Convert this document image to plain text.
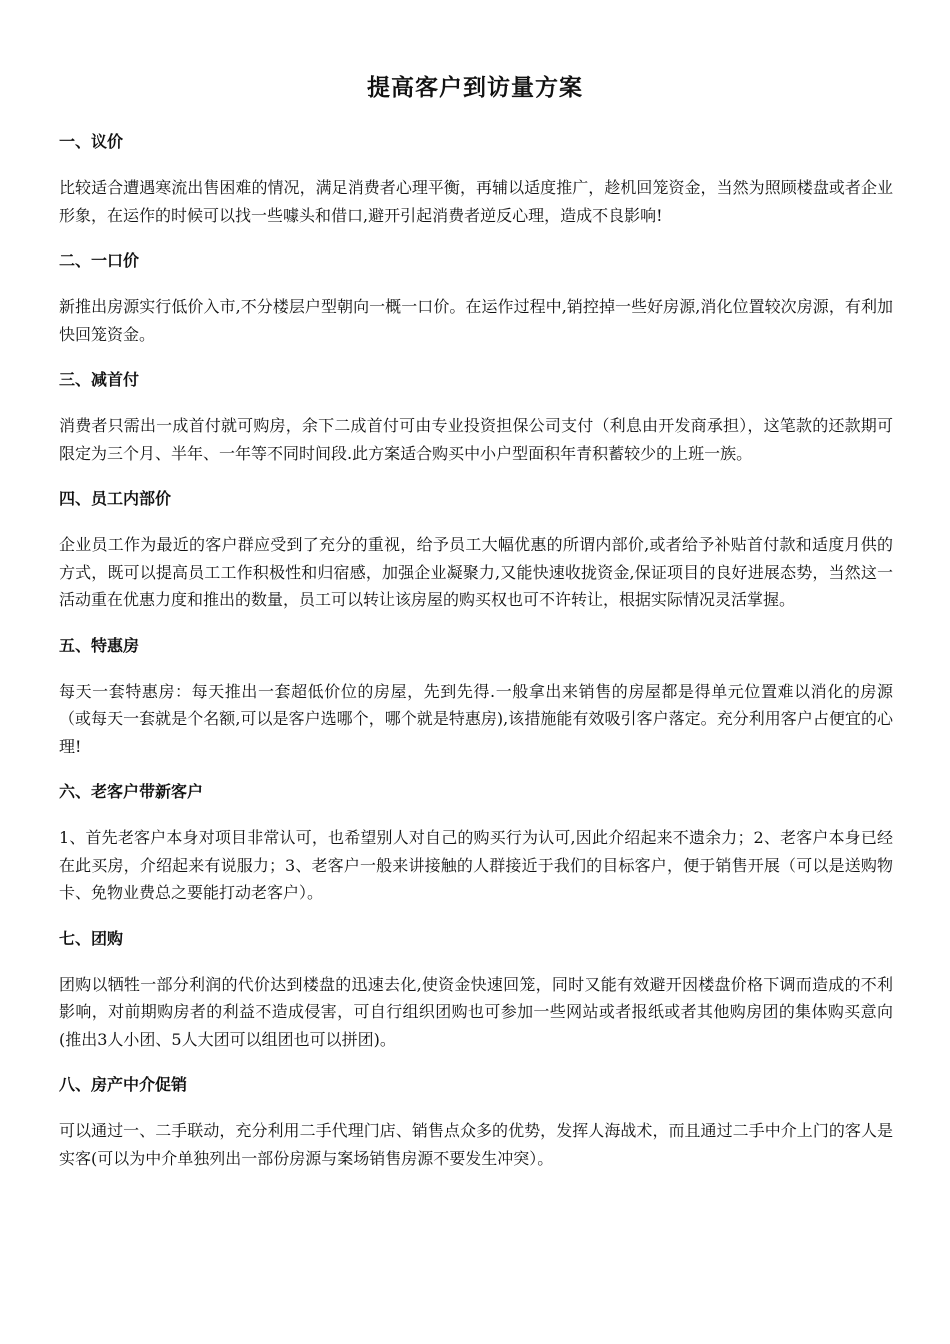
提高客户到访量方案
一、议价
比较适合遭遇寒流出售困难的情况，满足消费者心理平衡，再辅以适度推广，趁机回笼资金，当然为照顾楼盘或者企业形象，在运作的时候可以找一些噱头和借口,避开引起消费者逆反心理，造成不良影响!
二、一口价
新推出房源实行低价入市,不分楼层户型朝向一概一口价。在运作过程中,销控掉一些好房源,消化位置较次房源，有利加快回笼资金。
三、减首付
消费者只需出一成首付就可购房，余下二成首付可由专业投资担保公司支付（利息由开发商承担），这笔款的还款期可限定为三个月、半年、一年等不同时间段.此方案适合购买中小户型面积年青积蓄较少的上班一族。
四、员工内部价
企业员工作为最近的客户群应受到了充分的重视，给予员工大幅优惠的所谓内部价,或者给予补贴首付款和适度月供的方式，既可以提高员工工作积极性和归宿感，加强企业凝聚力,又能快速收拢资金,保证项目的良好进展态势，当然这一活动重在优惠力度和推出的数量，员工可以转让该房屋的购买权也可不许转让，根据实际情况灵活掌握。
五、特惠房
每天一套特惠房：每天推出一套超低价位的房屋，先到先得.一般拿出来销售的房屋都是得单元位置难以消化的房源（或每天一套就是个名额,可以是客户选哪个，哪个就是特惠房),该措施能有效吸引客户落定。充分利用客户占便宜的心理!
六、老客户带新客户
1、首先老客户本身对项目非常认可，也希望别人对自己的购买行为认可,因此介绍起来不遗余力；2、老客户本身已经在此买房，介绍起来有说服力；3、老客户一般来讲接触的人群接近于我们的目标客户，便于销售开展（可以是送购物卡、免物业费总之要能打动老客户）。
七、团购
团购以牺牲一部分利润的代价达到楼盘的迅速去化,使资金快速回笼，同时又能有效避开因楼盘价格下调而造成的不利影响，对前期购房者的利益不造成侵害，可自行组织团购也可参加一些网站或者报纸或者其他购房团的集体购买意向(推出3人小团、5人大团可以组团也可以拼团)。
八、房产中介促销
可以通过一、二手联动，充分利用二手代理门店、销售点众多的优势，发挥人海战术，而且通过二手中介上门的客人是实客(可以为中介单独列出一部份房源与案场销售房源不要发生冲突）。
